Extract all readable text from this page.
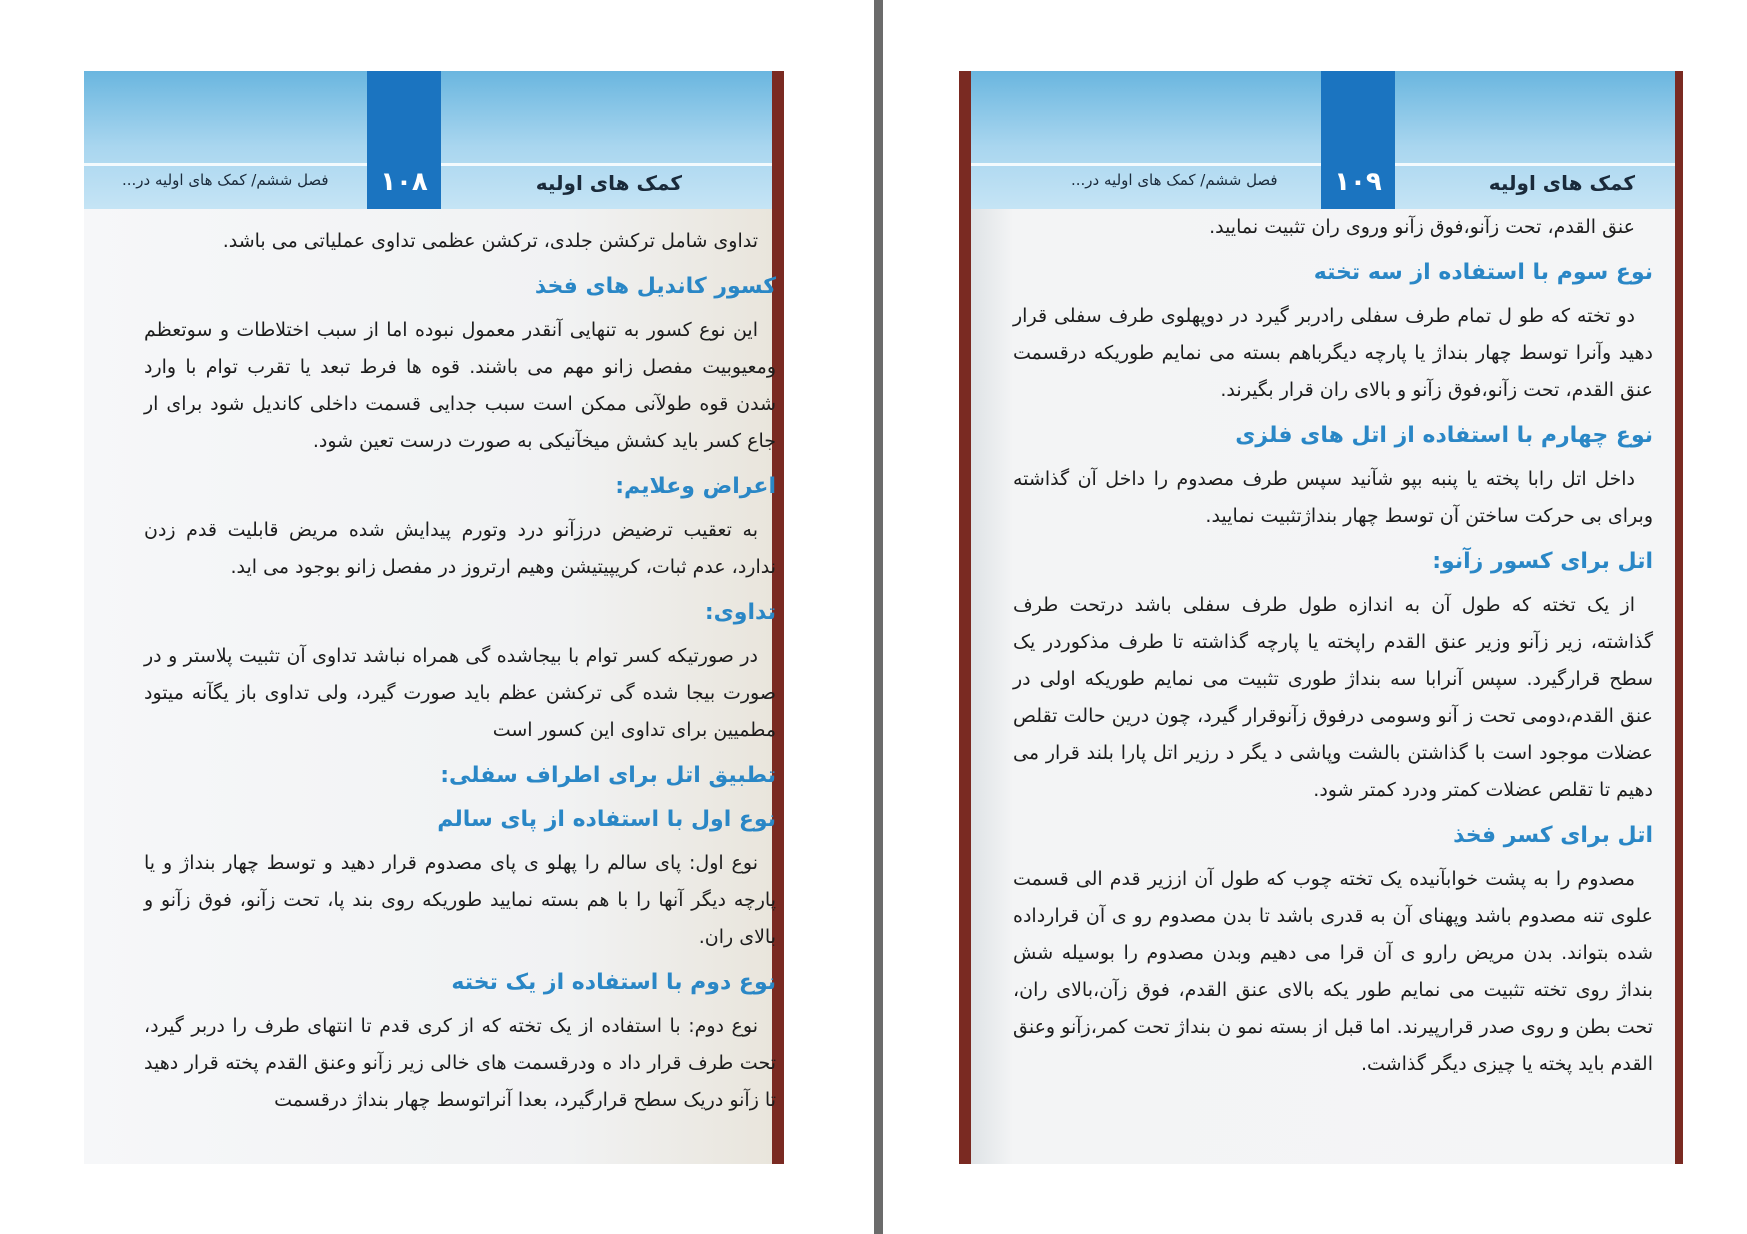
۱۰۸	کمک های اولیه
فصل ششم/ کمک های اولیه در...

تداوی شامل ترکشن جلدی، ترکشن عظمی تداوی عملیاتی می باشد.

کسور کاندیل های فخذ

این نوع کسور به تنهایی آنقدر معمول نبوده اما از سبب اختلاطات و سوتعظم ومعیوبیت مفصل زانو مهم می باشند. قوه ها فرط تبعد یا تقرب توام با وارد شدن قوه طولآنی ممکن است سبب جدایی قسمت داخلی کاندیل شود برای ار جاع کسر باید کشش میخآنیکی به صورت درست تعین شود.

اعراض وعلایم:

به تعقیب ترضیض درزآنو درد وتورم پیدایش شده مریض قابلیت قدم زدن ندارد، عدم ثبات، کریپیتیشن وهیم ارتروز در مفصل زانو بوجود می اید.

تداوی:

در صورتیکه کسر توام با بیجاشده گی همراه نباشد تداوی آن تثبیت پلاستر و در صورت بیجا شده گی ترکشن عظم باید صورت گیرد، ولی تداوی باز یگآنه میتود مطمیین برای تداوی این کسور است

تطبیق اتل برای اطراف سفلی:
نوع اول با استفاده از پای سالم

نوع اول: پای سالم را پهلو ی پای مصدوم قرار دهید و توسط چهار بنداژ و یا پارچه دیگر آنها را با هم بسته نمایید طوریکه روی بند پا، تحت زآنو، فوق زآنو و بالای ران.

نوع دوم با استفاده از یک تخته

نوع دوم: با استفاده از یک تخته که از کری قدم تا انتهای طرف را دربر گیرد، تحت طرف قرار داد ه ودرقسمت های خالی زیر زآنو وعنق القدم پخته قرار دهید تا زآنو دریک سطح قرارگیرد، بعدا آنراتوسط چهار بنداژ درقسمت

۱۰۹	کمک های اولیه
فصل ششم/ کمک های اولیه در...

عنق القدم، تحت زآنو،فوق زآنو وروی ران تثبیت نمایید.

نوع سوم با استفاده از سه تخته

دو تخته که طو ل تمام طرف سفلی رادربر گیرد در دوپهلوی طرف سفلی قرار دهید وآنرا توسط چهار بنداژ یا پارچه دیگرباهم بسته می نمایم طوریکه درقسمت عنق القدم، تحت زآنو،فوق زآنو و بالای ران قرار بگیرند.

نوع چهارم با استفاده از اتل های فلزی

داخل اتل رابا پخته یا پنبه بپو شآنید سپس طرف مصدوم را داخل آن گذاشته وبرای بی حرکت ساختن آن توسط چهار بنداژتثبیت نمایید.

اتل برای کسور زآنو:

از یک تخته که طول آن به اندازه طول طرف سفلی باشد درتحت طرف گذاشته، زیر زآنو وزیر عنق القدم راپخته یا پارچه گذاشته تا طرف مذکوردر یک سطح قرارگیرد. سپس آنرابا سه بنداژ طوری تثبیت می نمایم طوریکه اولی در عنق القدم،دومی تحت ز آنو وسومی درفوق زآنوقرار گیرد، چون درین حالت تقلص عضلات موجود است با گذاشتن بالشت وپاشی د یگر د رزیر اتل پارا بلند قرار می دهیم تا تقلص عضلات کمتر ودرد کمتر شود.

اتل برای کسر فخذ

مصدوم را به پشت خوابآنیده یک تخته چوب که طول آن اززیر قدم الی قسمت علوی تنه مصدوم باشد وپهنای آن به قدری باشد تا بدن مصدوم رو ی آن قرارداده شده بتواند. بدن مریض رارو ی آن قرا می دهیم وبدن مصدوم را بوسیله شش بنداژ روی تخته تثبیت می نمایم طور یکه بالای عنق القدم، فوق زآن،بالای ران، تحت بطن و روی صدر قرارپیرند. اما قبل از بسته نمو ن بنداژ تحت کمر،زآنو وعنق القدم باید پخته یا چیزی دیگر گذاشت.
